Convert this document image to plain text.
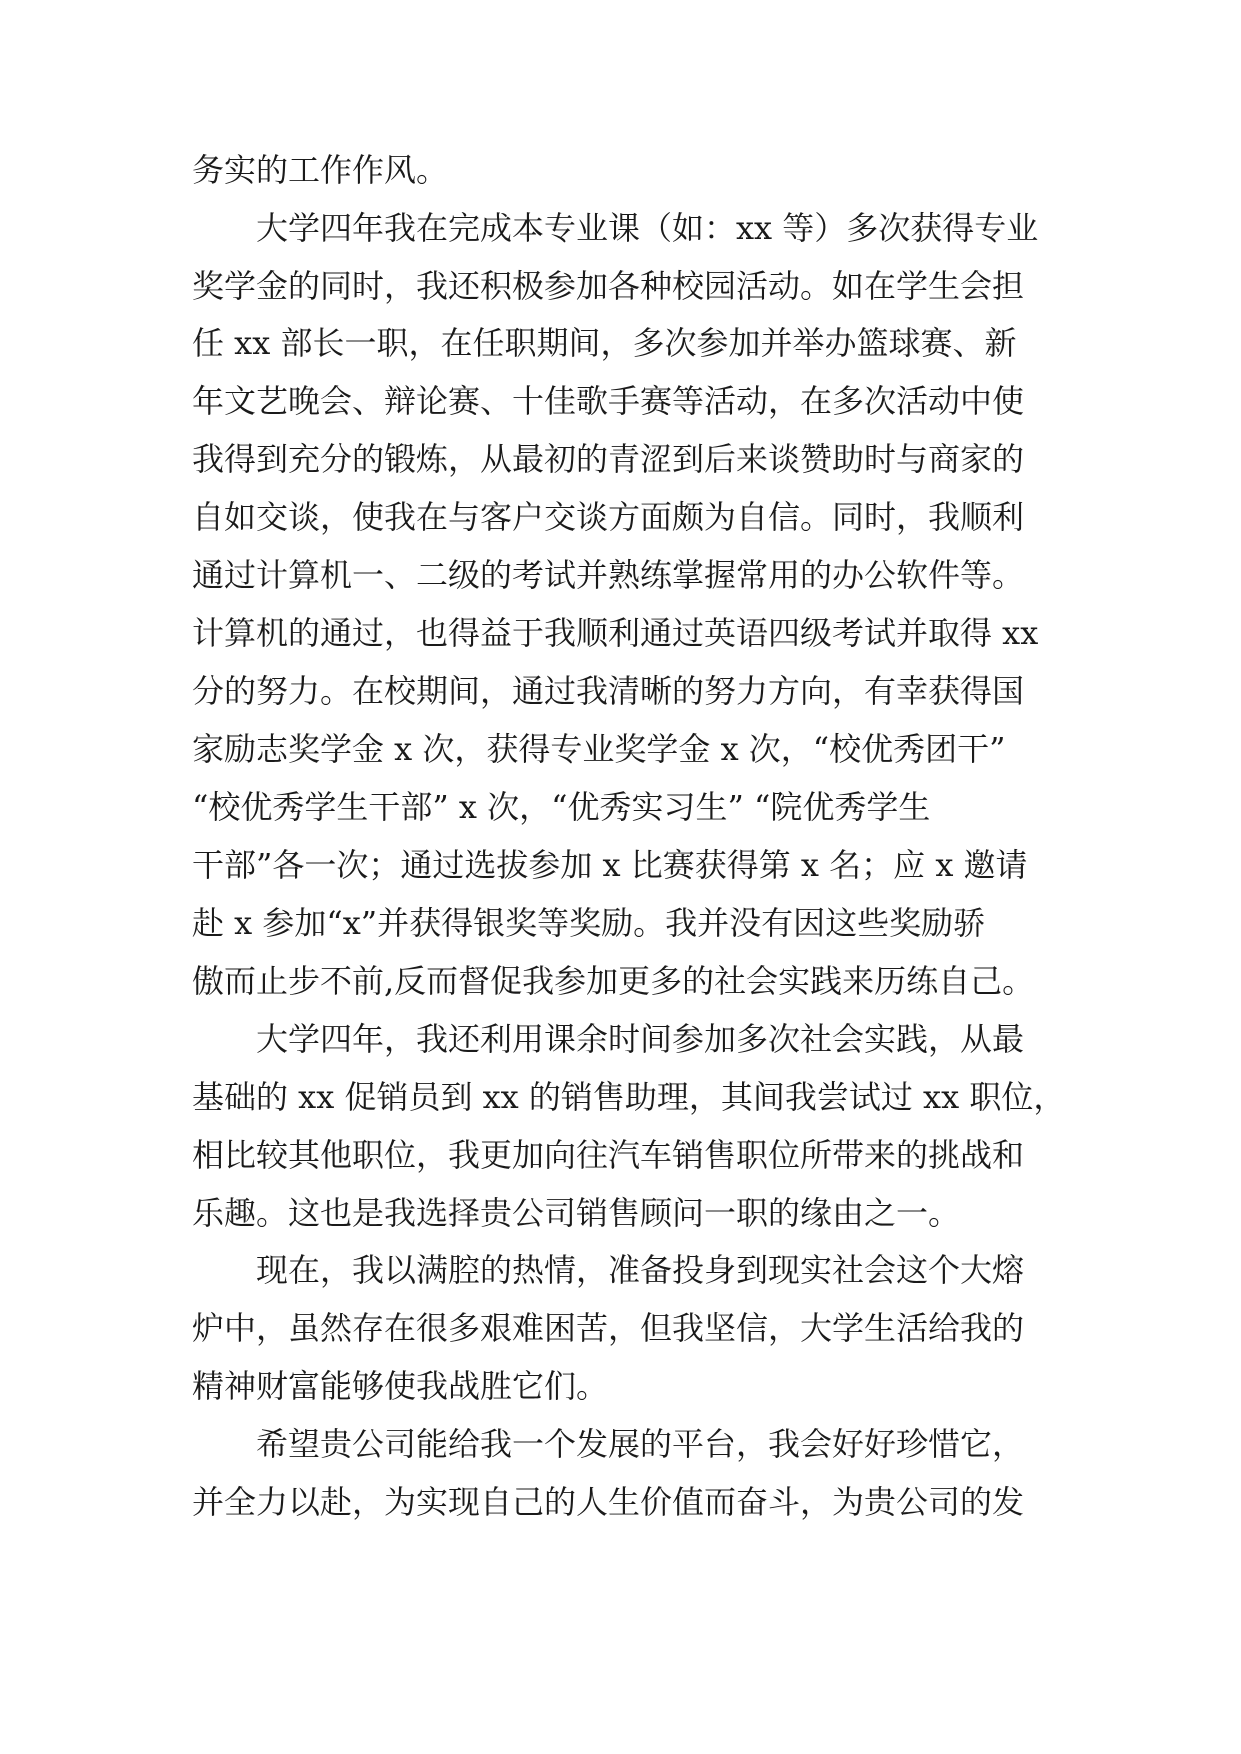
务实的工作作风。
大学四年我在完成本专业课（如：xx 等）多次获得专业
奖学金的同时，我还积极参加各种校园活动。如在学生会担
任 xx 部长一职，在任职期间，多次参加并举办篮球赛、新
年文艺晚会、辩论赛、十佳歌手赛等活动，在多次活动中使
我得到充分的锻炼，从最初的青涩到后来谈赞助时与商家的
自如交谈，使我在与客户交谈方面颇为自信。同时，我顺利
通过计算机一、二级的考试并熟练掌握常用的办公软件等。
计算机的通过，也得益于我顺利通过英语四级考试并取得 xx
分的努力。在校期间，通过我清晰的努力方向，有幸获得国
家励志奖学金 x 次，获得专业奖学金 x 次，“校优秀团干”
“校优秀学生干部” x 次，“优秀实习生” “院优秀学生
干部”各一次；通过选拔参加 x 比赛获得第 x 名；应 x 邀请
赴 x 参加“x”并获得银奖等奖励。我并没有因这些奖励骄
傲而止步不前,反而督促我参加更多的社会实践来历练自己。
大学四年，我还利用课余时间参加多次社会实践，从最
基础的 xx 促销员到 xx 的销售助理，其间我尝试过 xx 职位，
相比较其他职位，我更加向往汽车销售职位所带来的挑战和
乐趣。这也是我选择贵公司销售顾问一职的缘由之一。
现在，我以满腔的热情，准备投身到现实社会这个大熔
炉中，虽然存在很多艰难困苦，但我坚信，大学生活给我的
精神财富能够使我战胜它们。
希望贵公司能给我一个发展的平台，我会好好珍惜它，
并全力以赴，为实现自己的人生价值而奋斗，为贵公司的发
